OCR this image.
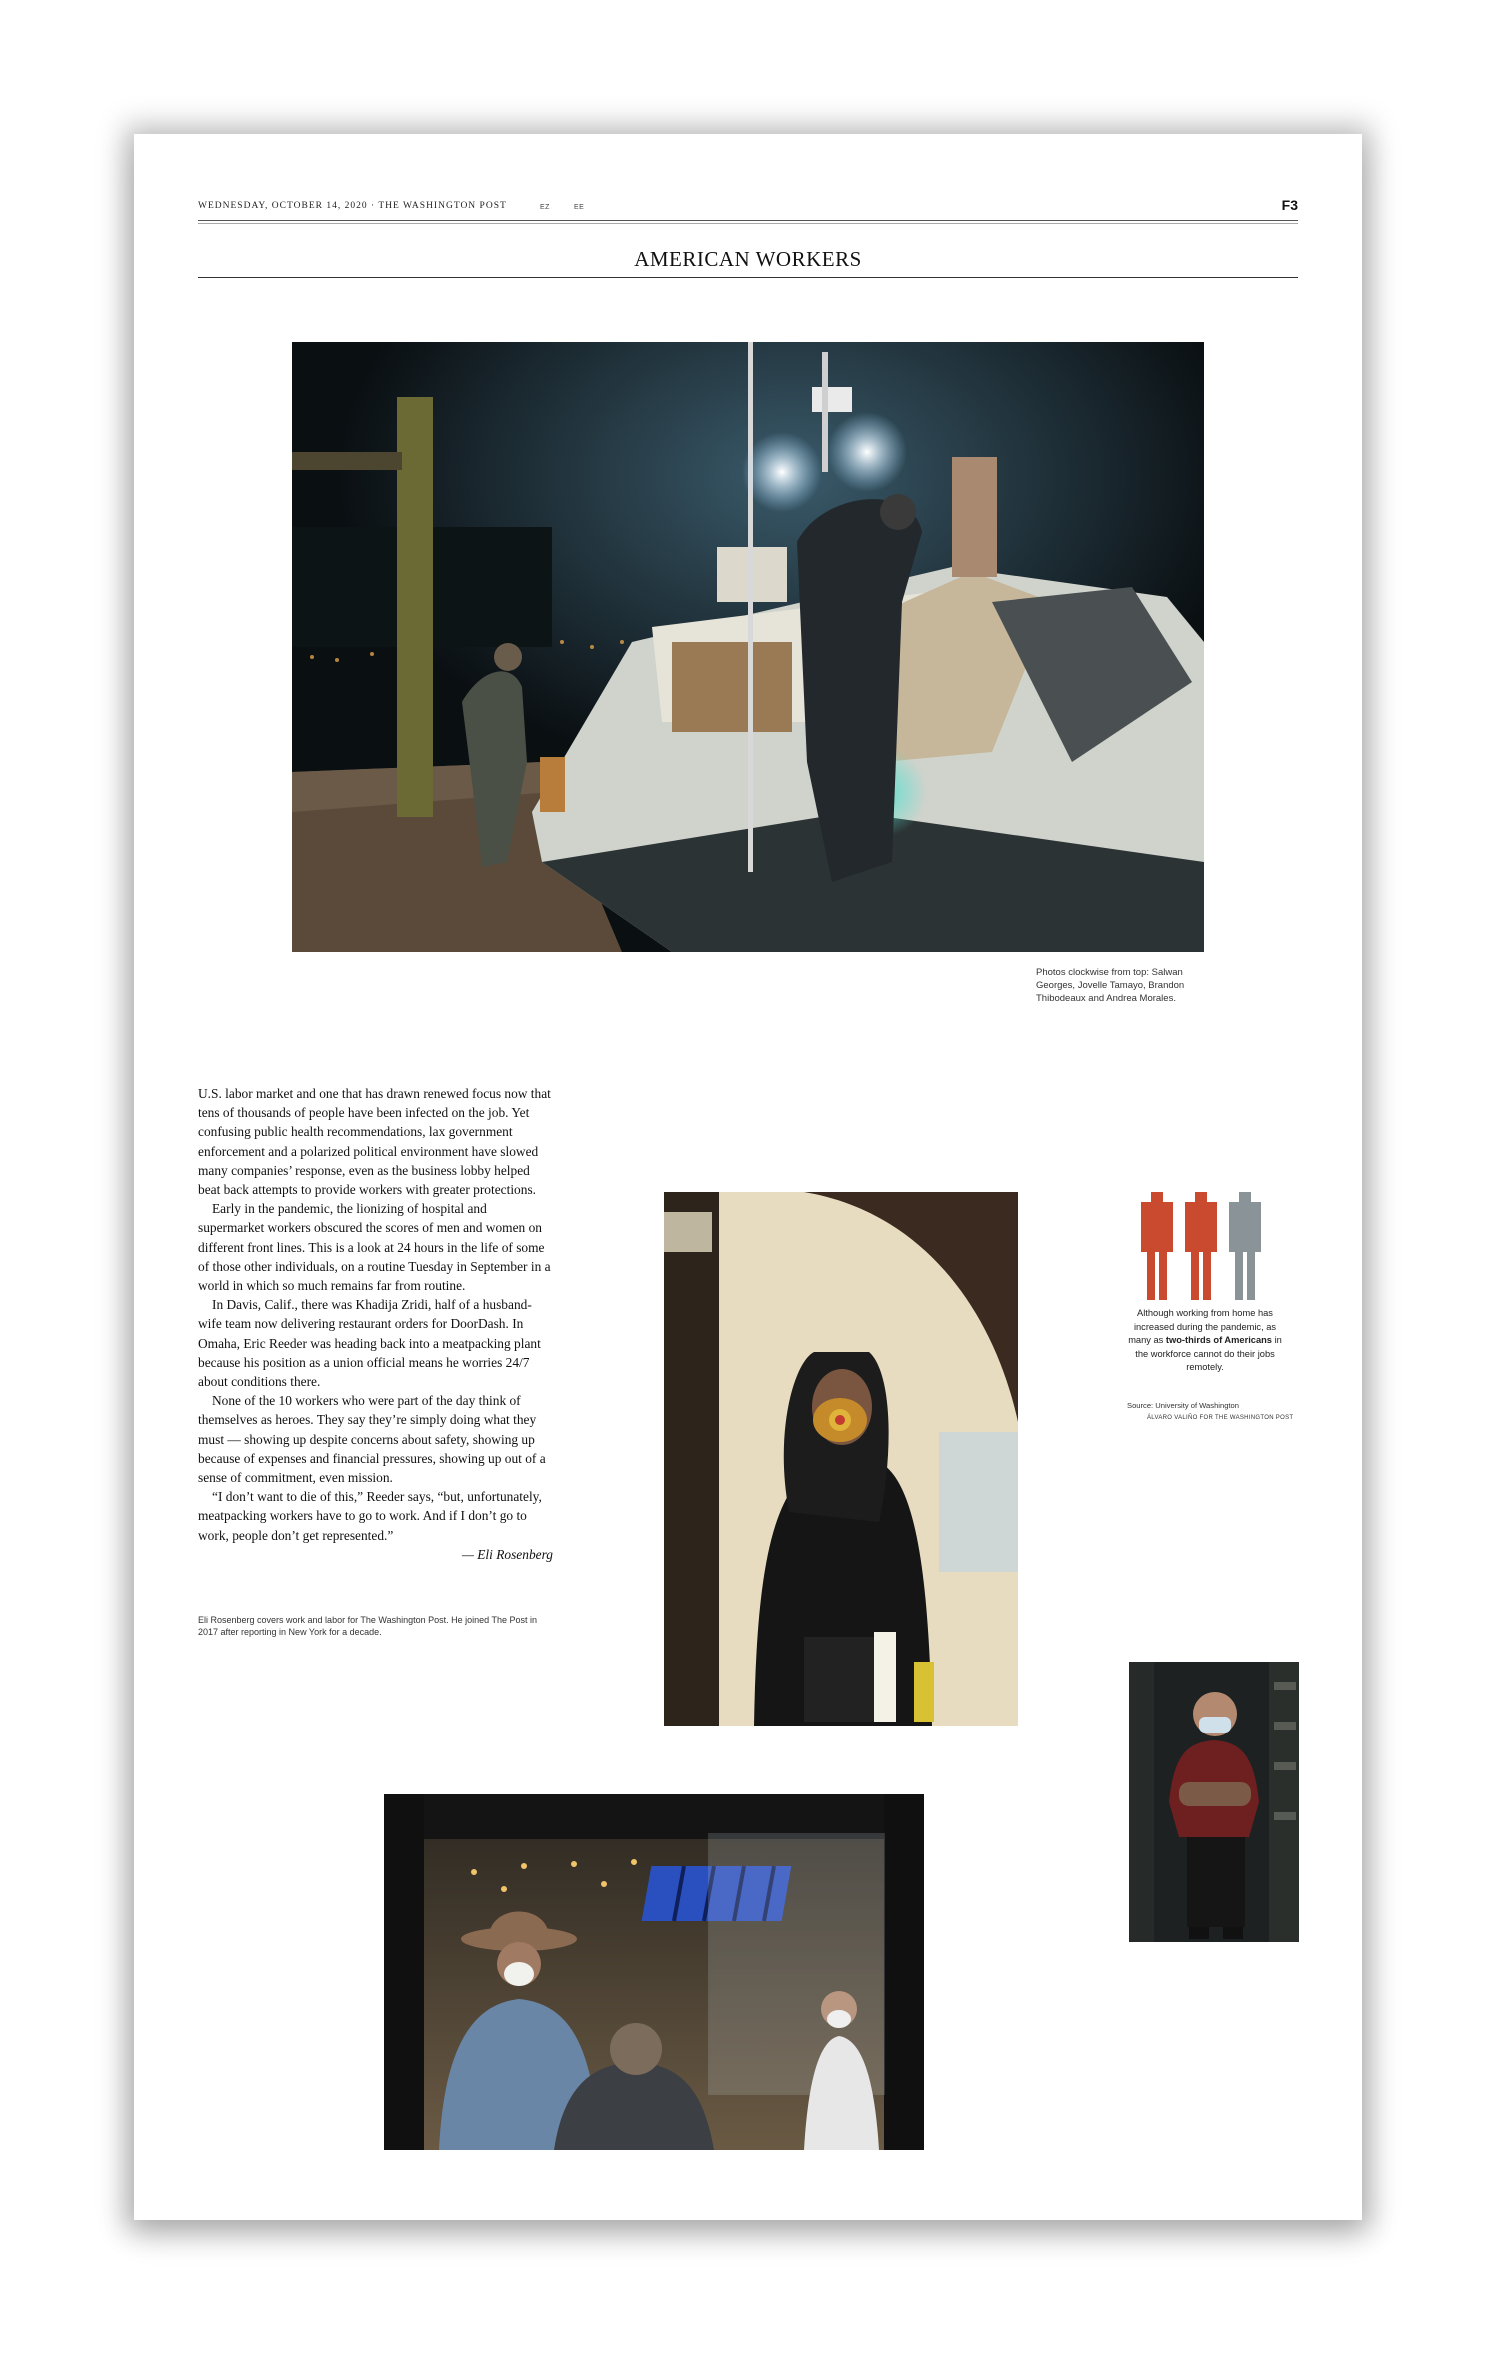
WEDNESDAY, OCTOBER 14, 2020 · THE WASHINGTON POST	EZ	EE	F3
AMERICAN WORKERS
Photos clockwise from top: Salwan Georges, Jovelle Tamayo, Brandon Thibodeaux and Andrea Morales.

U.S. labor market and one that has drawn renewed focus now that tens of thousands of people have been infected on the job. Yet confusing public health recommendations, lax government enforcement and a polarized political environment have slowed many companies’ response, even as the business lobby helped beat back attempts to provide workers with greater protections.

Early in the pandemic, the lionizing of hospital and supermarket workers obscured the scores of men and women on different front lines. This is a look at 24 hours in the life of some of those other individuals, on a routine Tuesday in September in a world in which so much remains far from routine.

In Davis, Calif., there was Khadija Zridi, half of a husband-wife team now delivering restaurant orders for DoorDash. In Omaha, Eric Reeder was heading back into a meatpacking plant because his position as a union official means he worries 24/7 about conditions there.

None of the 10 workers who were part of the day think of themselves as heroes. They say they’re simply doing what they must — showing up despite concerns about safety, showing up because of expenses and financial pressures, showing up out of a sense of commitment, even mission.

“I don’t want to die of this,” Reeder says, “but, unfortunately, meatpacking workers have to go to work. And if I don’t go to work, people don’t get represented.”

— Eli Rosenberg
Eli Rosenberg covers work and labor for The Washington Post. He joined The Post in 2017 after reporting in New York for a decade.
Although working from home has increased during the pandemic, as many as two-thirds of Americans in the workforce cannot do their jobs remotely.
Source: University of Washington
ÁLVARO VALIÑO FOR THE WASHINGTON POST
